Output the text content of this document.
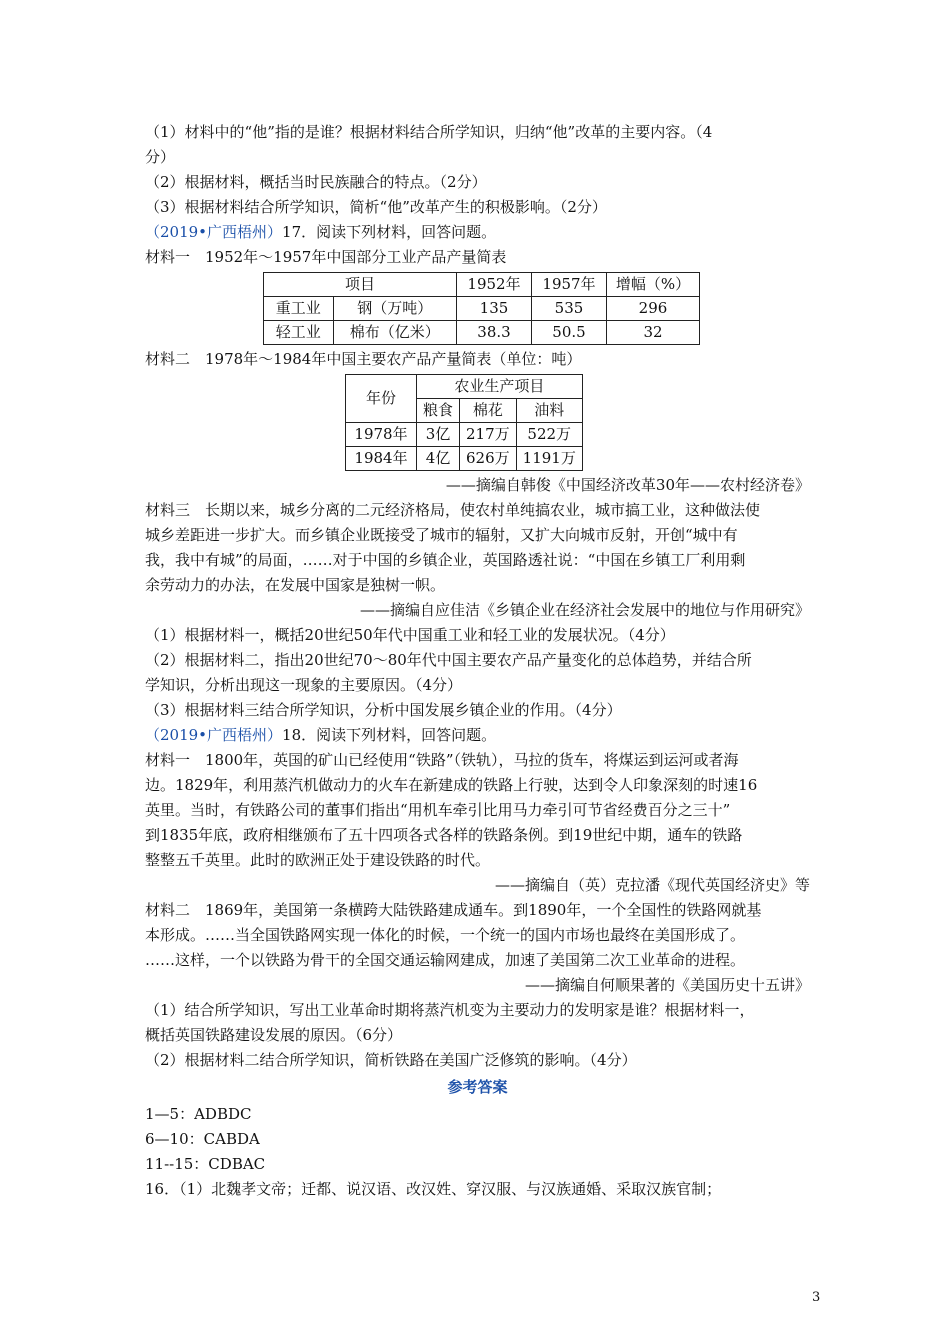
（1）材料中的“他”指的是谁？根据材料结合所学知识，归纳“他”改革的主要内容。（4

分）

（2）根据材料，概括当时民族融合的特点。（2分）

（3）根据材料结合所学知识，简析“他”改革产生的积极影响。（2分）

（2019•广西梧州）17．阅读下列材料，回答问题。

材料一　1952年～1957年中国部分工业产品产量简表

项目		1952年	1957年	增幅（%）
重工业	钢（万吨）	135	535	296
轻工业	棉布（亿米）	38.3	50.5	32

材料二　1978年～1984年中国主要农产品产量简表（单位：吨）

年份	农业生产项目		
	粮食	棉花	油料
1978年	3亿	217万	522万
1984年	4亿	626万	1191万

——摘编自韩俊《中国经济改革30年——农村经济卷》

材料三　长期以来，城乡分离的二元经济格局，使农村单纯搞农业，城市搞工业，这种做法使

城乡差距进一步扩大。而乡镇企业既接受了城市的辐射，又扩大向城市反射，开创“城中有

我，我中有城”的局面，……对于中国的乡镇企业，英国路透社说：“中国在乡镇工厂利用剩

余劳动力的办法，在发展中国家是独树一帜。

——摘编自应佳洁《乡镇企业在经济社会发展中的地位与作用研究》

（1）根据材料一，概括20世纪50年代中国重工业和轻工业的发展状况。（4分）

（2）根据材料二，指出20世纪70～80年代中国主要农产品产量变化的总体趋势，并结合所

学知识，分析出现这一现象的主要原因。（4分）

（3）根据材料三结合所学知识，分析中国发展乡镇企业的作用。（4分）

（2019•广西梧州）18．阅读下列材料，回答问题。

材料一　1800年，英国的矿山已经使用“铁路”（铁轨），马拉的货车，将煤运到运河或者海

边。1829年，利用蒸汽机做动力的火车在新建成的铁路上行驶，达到令人印象深刻的时速16

英里。当时，有铁路公司的董事们指出“用机车牵引比用马力牵引可节省经费百分之三十”

到1835年底，政府相继颁布了五十四项各式各样的铁路条例。到19世纪中期，通车的铁路

整整五千英里。此时的欧洲正处于建设铁路的时代。

——摘编自（英）克拉潘《现代英国经济史》等

材料二　1869年，美国第一条横跨大陆铁路建成通车。到1890年，一个全国性的铁路网就基

本形成。……当全国铁路网实现一体化的时候，一个统一的国内市场也最终在美国形成了。

……这样，一个以铁路为骨干的全国交通运输网建成，加速了美国第二次工业革命的进程。

——摘编自何顺果著的《美国历史十五讲》

（1）结合所学知识，写出工业革命时期将蒸汽机变为主要动力的发明家是谁？根据材料一，

概括英国铁路建设发展的原因。（6分）

（2）根据材料二结合所学知识，简析铁路在美国广泛修筑的影响。（4分）

参考答案

1—5：ADBDC

6—10：CABDA

11--15：CDBAC

16．（1）北魏孝文帝；迁都、说汉语、改汉姓、穿汉服、与汉族通婚、采取汉族官制；

3
